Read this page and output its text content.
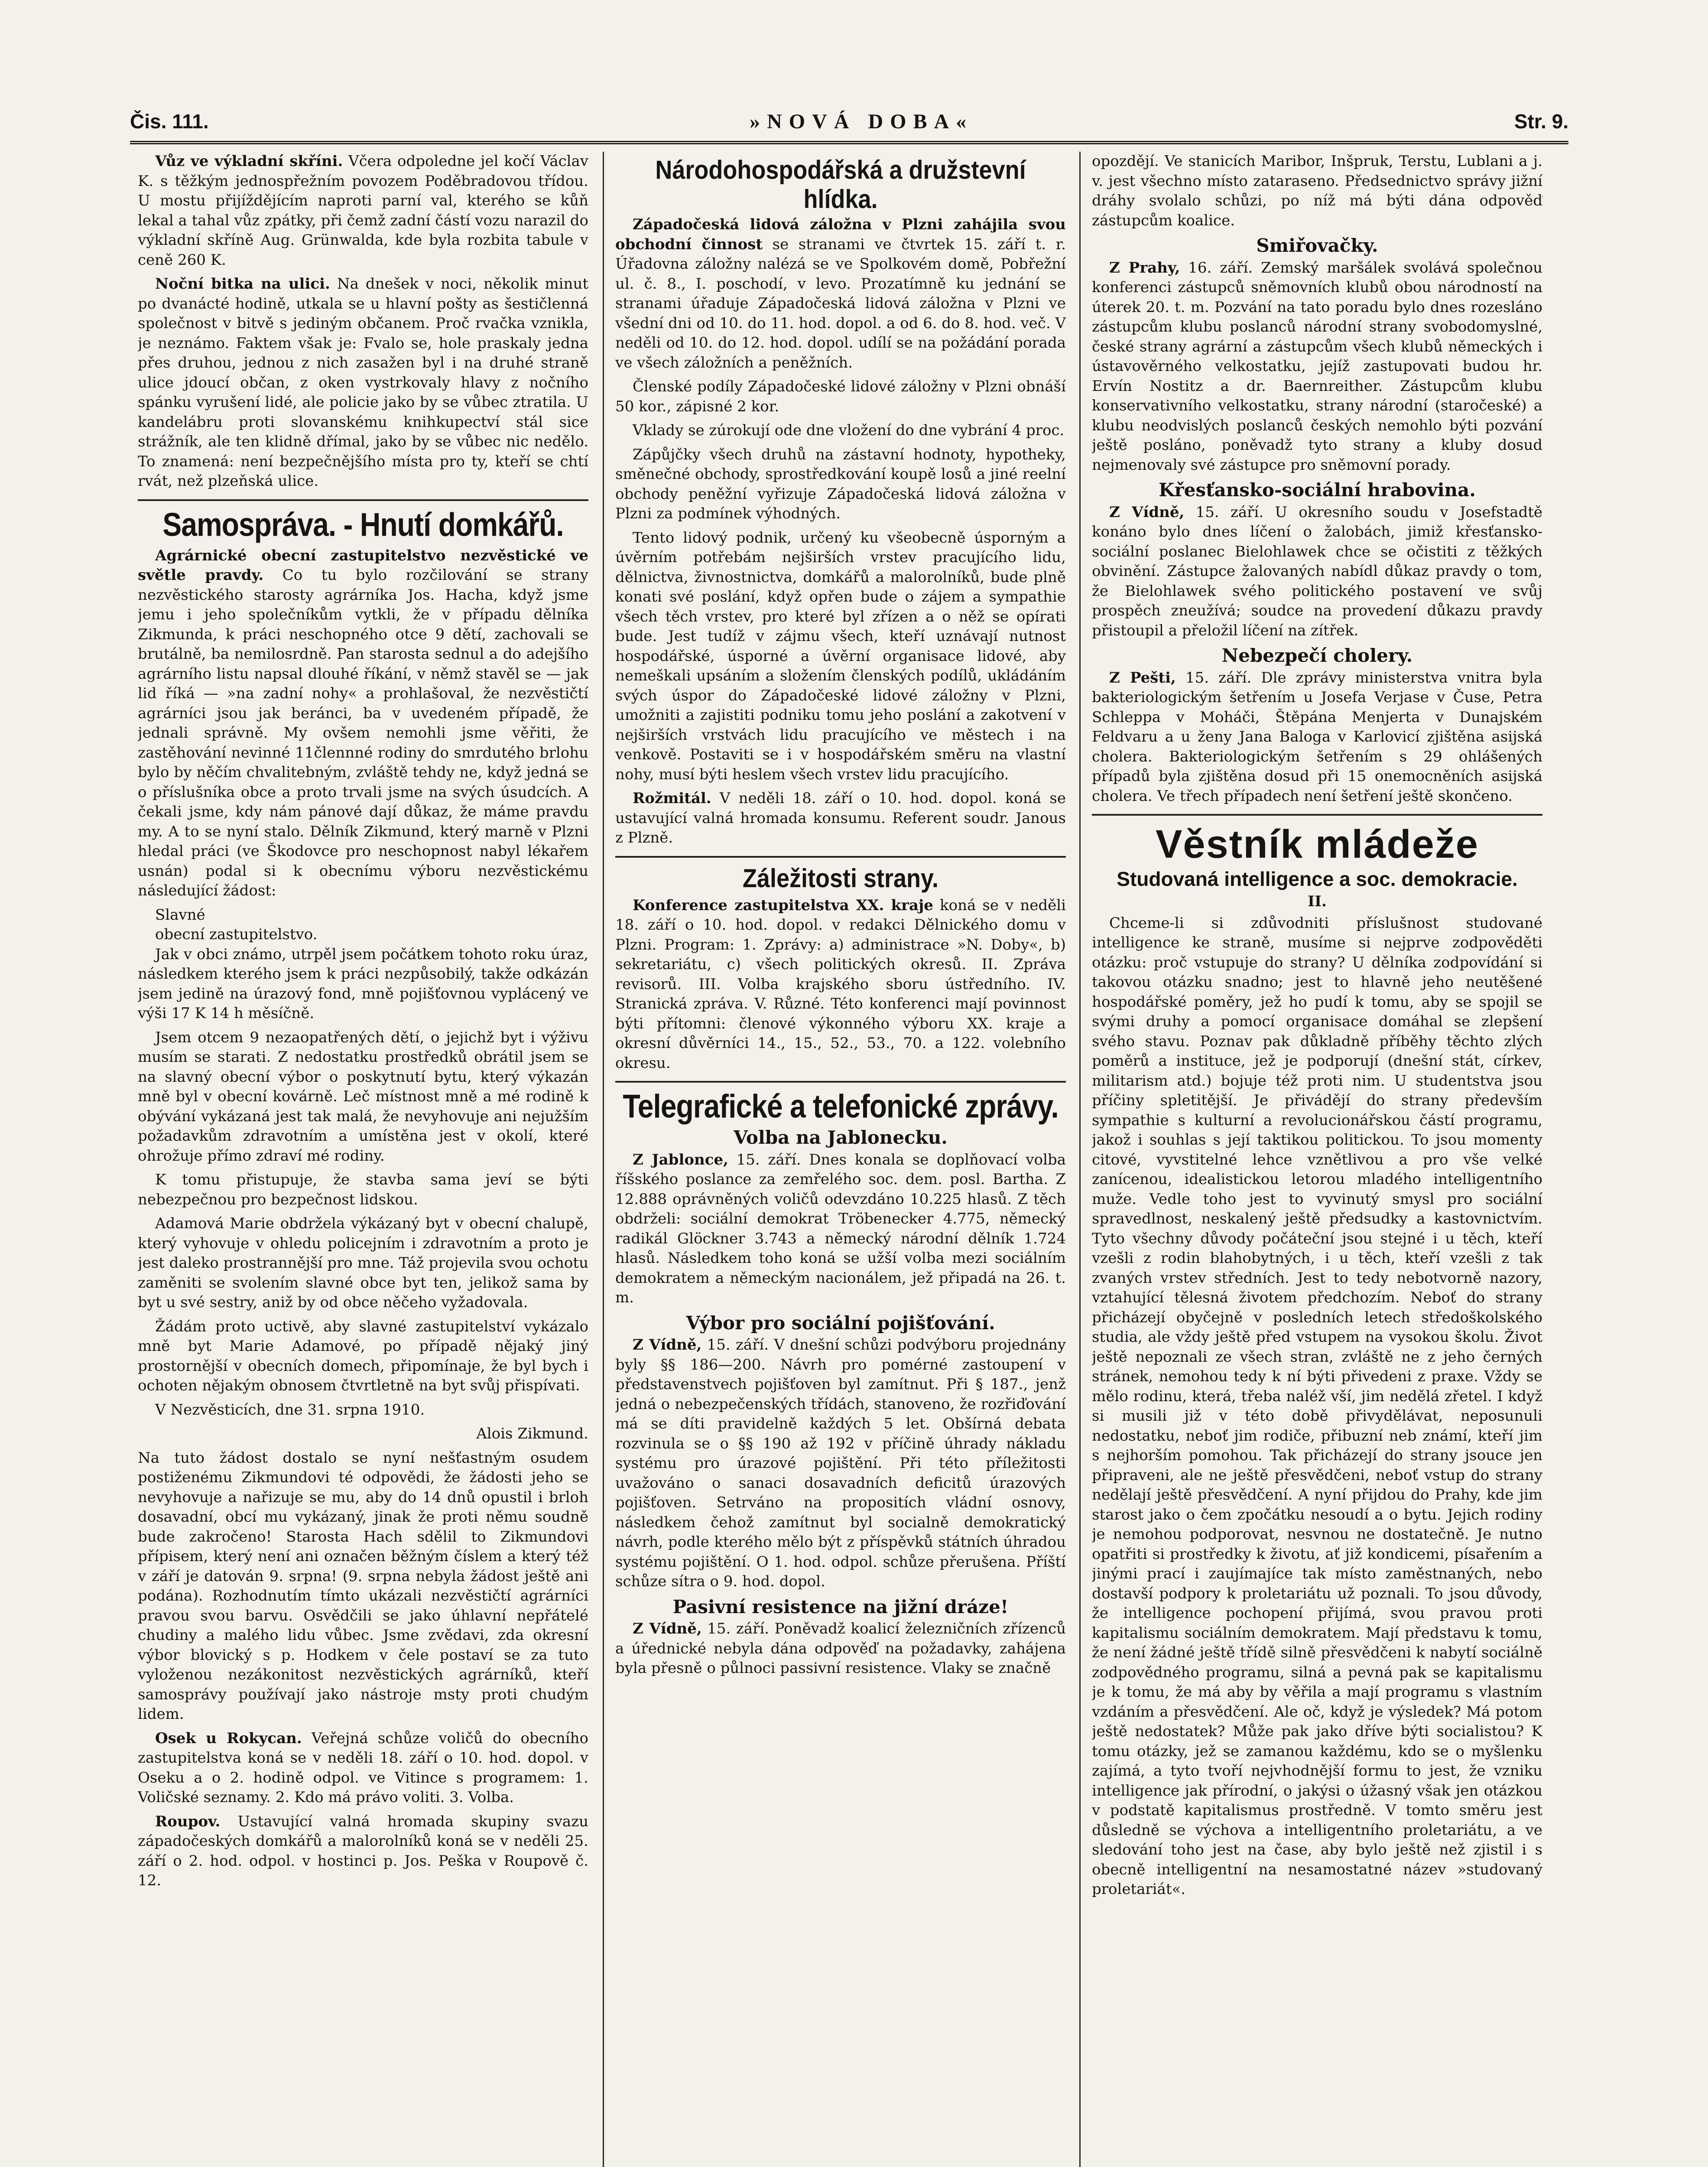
Čis. 111.	»NOVÁ DOBA«	Str. 9.

Vůz ve výkladní skříni. Včera odpoledne jel kočí Václav K. s těžkým jednospřežním povozem Poděbradovou třídou. U mostu přijíždějícím naproti parní val, kterého se kůň lekal a tahal vůz zpátky, při čemž zadní částí vozu narazil do výkladní skříně Aug. Grünwalda, kde byla rozbita tabule v ceně 260 K.

Noční bitka na ulici. Na dnešek v noci, několik minut po dvanácté hodině, utkala se u hlavní pošty as šestičlenná společnost v bitvě s jediným občanem. Proč rvačka vznikla, je neznámo. Faktem však je: Fvalo se, hole praskaly jedna přes druhou, jednou z nich zasažen byl i na druhé straně ulice jdoucí občan, z oken vystrkovaly hlavy z nočního spánku vyrušení lidé, ale policie jako by se vůbec ztratila. U kandelábru proti slovanskému knihkupectví stál sice strážník, ale ten klidně dřímal, jako by se vůbec nic nedělo. To znamená: není bezpečnějšího místa pro ty, kteří se chtí rvát, než plzeňská ulice.

Samospráva. - Hnutí domkářů.

Agrárnické obecní zastupitelstvo nezvěstické ve světle pravdy. Co tu bylo rozčilování se strany nezvěstického starosty agrárníka Jos. Hacha, když jsme jemu i jeho společníkům vytkli, že v případu dělníka Zikmunda, k práci neschopného otce 9 dětí, zachovali se brutálně, ba nemilosrdně. Pan starosta sednul a do adejšího agrárního listu napsal dlouhé říkání, v němž stavěl se — jak lid říká — »na zadní nohy« a prohlašoval, že nezvěstičtí agrárníci jsou jak beránci, ba v uvedeném případě, že jednali správně. My ovšem nemohli jsme věřiti, že zastěhování nevinné 11člennné rodiny do smrdutého brlohu bylo by něčím chvalitebným, zvláště tehdy ne, když jedná se o příslušníka obce a proto trvali jsme na svých úsudcích. A čekali jsme, kdy nám pánové dají důkaz, že máme pravdu my. A to se nyní stalo. Dělník Zikmund, který marně v Plzni hledal práci (ve Škodovce pro neschopnost nabyl lékařem usnán) podal si k obecnímu výboru nezvěstickému následující žádost:

Slavné

obecní zastupitelstvo.

Jak v obci známo, utrpěl jsem počátkem tohoto roku úraz, následkem kterého jsem k práci nezpůsobilý, takže odkázán jsem jedině na úrazový fond, mně pojišťovnou vyplácený ve výši 17 K 14 h měsíčně.

Jsem otcem 9 nezaopatřených dětí, o jejichž byt i výživu musím se starati. Z nedostatku prostředků obrátil jsem se na slavný obecní výbor o poskytnutí bytu, který výkazán mně byl v obecní kovárně. Leč místnost mně a mé rodině k obývání vykázaná jest tak malá, že nevyhovuje ani nejužším požadavkům zdravotním a umístěna jest v okolí, které ohrožuje přímo zdraví mé rodiny.

K tomu přistupuje, že stavba sama jeví se býti nebezpečnou pro bezpečnost lidskou.

Adamová Marie obdržela výkázaný byt v obecní chalupě, který vyhovuje v ohledu policejním i zdravotním a proto je jest daleko prostrannější pro mne. Táž projevila svou ochotu zaměniti se svolením slavné obce byt ten, jelikož sama by byt u své sestry, aniž by od obce něčeho vyžadovala.

Žádám proto uctivě, aby slavné zastupitelství vykázalo mně byt Marie Adamové, po případě nějaký jiný prostornější v obecních domech, připomínaje, že byl bych i ochoten nějakým obnosem čtvrtletně na byt svůj přispívati.

V Nezvěsticích, dne 31. srpna 1910.

Alois Zikmund.

Na tuto žádost dostalo se nyní nešťastným osudem postiženému Zikmundovi té odpovědi, že žádosti jeho se nevyhovuje a nařizuje se mu, aby do 14 dnů opustil i brloh dosavadní, obcí mu vykázaný, jinak že proti němu soudně bude zakročeno! Starosta Hach sdělil to Zikmundovi přípisem, který není ani označen běžným číslem a který též v září je datován 9. srpna! (9. srpna nebyla žádost ještě ani podána). Rozhodnutím tímto ukázali nezvěstičtí agrárníci pravou svou barvu. Osvědčili se jako úhlavní nepřátelé chudiny a malého lidu vůbec. Jsme zvědavi, zda okresní výbor blovický s p. Hodkem v čele postaví se za tuto vyloženou nezákonitost nezvěstických agrárníků, kteří samosprávy používají jako nástroje msty proti chudým lidem.

Osek u Rokycan. Veřejná schůze voličů do obecního zastupitelstva koná se v neděli 18. září o 10. hod. dopol. v Oseku a o 2. hodině odpol. ve Vitince s programem: 1. Voličské seznamy. 2. Kdo má právo voliti. 3. Volba.

Roupov. Ustavující valná hromada skupiny svazu západočeských domkářů a malorolníků koná se v neděli 25. září o 2. hod. odpol. v hostinci p. Jos. Peška v Roupově č. 12.

Národohospodářská a družstevní hlídka.

Západočeská lidová záložna v Plzni zahájila svou obchodní činnost se stranami ve čtvrtek 15. září t. r. Úřadovna záložny nalézá se ve Spolkovém domě, Pobřežní ul. č. 8., I. poschodí, v levo. Prozatímně ku jednání se stranami úřaduje Západočeská lidová záložna v Plzni ve všední dni od 10. do 11. hod. dopol. a od 6. do 8. hod. več. V neděli od 10. do 12. hod. dopol. udílí se na požádání porada ve všech záložních a peněžních.

Členské podíly Západočeské lidové záložny v Plzni obnáší 50 kor., zápisné 2 kor.

Vklady se zúrokují ode dne vložení do dne vybrání 4 proc.

Zápůjčky všech druhů na zástavní hodnoty, hypotheky, směnečné obchody, sprostředkování koupě losů a jiné reelní obchody peněžní vyřizuje Západočeská lidová záložna v Plzni za podmínek výhodných.

Tento lidový podnik, určený ku všeobecně úsporným a úvěrním potřebám nejširších vrstev pracujícího lidu, dělnictva, živnostnictva, domkářů a malorolníků, bude plně konati své poslání, když opřen bude o zájem a sympathie všech těch vrstev, pro které byl zřízen a o něž se opírati bude. Jest tudíž v zájmu všech, kteří uznávají nutnost hospodářské, úsporné a úvěrní organisace lidové, aby nemeškali upsáním a složením členských podílů, ukládáním svých úspor do Západočeské lidové záložny v Plzni, umožniti a zajistiti podniku tomu jeho poslání a zakotvení v nejširších vrstvách lidu pracujícího ve městech i na venkově. Postaviti se i v hospodářském směru na vlastní nohy, musí býti heslem všech vrstev lidu pracujícího.

Rožmitál. V neděli 18. září o 10. hod. dopol. koná se ustavující valná hromada konsumu. Referent soudr. Janous z Plzně.

Záležitosti strany.

Konference zastupitelstva XX. kraje koná se v neděli 18. září o 10. hod. dopol. v redakci Dělnického domu v Plzni. Program: 1. Zprávy: a) administrace »N. Doby«, b) sekretariátu, c) všech politických okresů. II. Zpráva revisorů. III. Volba krajského sboru ústředního. IV. Stranická zpráva. V. Různé. Této konferenci mají povinnost býti přítomni: členové výkonného výboru XX. kraje a okresní důvěrníci 14., 15., 52., 53., 70. a 122. volebního okresu.

Telegrafické a telefonické zprávy.
Volba na Jablonecku.

Z Jablonce, 15. září. Dnes konala se doplňovací volba říšského poslance za zemřelého soc. dem. posl. Bartha. Z 12.888 oprávněných voličů odevzdáno 10.225 hlasů. Z těch obdrželi: sociální demokrat Tröbenecker 4.775, německý radikál Glöckner 3.743 a německý národní dělník 1.724 hlasů. Následkem toho koná se užší volba mezi sociálním demokratem a německým nacionálem, jež připadá na 26. t. m.

Výbor pro sociální pojišťování.

Z Vídně, 15. září. V dnešní schůzi podvýboru projednány byly §§ 186—200. Návrh pro pomérné zastoupení v představenstvech pojišťoven byl zamítnut. Při § 187., jenž jedná o nebezpečenských třídách, stanoveno, že rozřiďování má se díti pravidelně každých 5 let. Obšírná debata rozvinula se o §§ 190 až 192 v příčině úhrady nákladu systému pro úrazové pojištění. Při této příležitosti uvažováno o sanaci dosavadních deficitů úrazových pojišťoven. Setrváno na propositích vládní osnovy, následkem čehož zamítnut byl socialně demokratický návrh, podle kterého mělo být z příspěvků státních úhradou systému pojištění. O 1. hod. odpol. schůze přerušena. Příští schůze sítra o 9. hod. dopol.

Pasivní resistence na jižní dráze!

Z Vídně, 15. září. Poněvadž koalicí železničních zřízenců a úřednické nebyla dána odpověď na požadavky, zahájena byla přesně o půlnoci passivní resistence. Vlaky se značně

opozdějí. Ve stanicích Maribor, Inšpruk, Terstu, Lublani a j. v. jest všechno místo zataraseno. Předsednictvo správy jižní dráhy svolalo schůzi, po níž má býti dána odpověď zástupcům koalice.

Smiřovačky.

Z Prahy, 16. září. Zemský maršálek svolává společnou konferenci zástupců sněmovních klubů obou národností na úterek 20. t. m. Pozvání na tato poradu bylo dnes rozesláno zástupcům klubu poslanců národní strany svobodomyslné, české strany agrární a zástupcům všech klubů německých i ústavověrného velkostatku, jejíž zastupovati budou hr. Ervín Nostitz a dr. Baernreither. Zástupcům klubu konservativního velkostatku, strany národní (staročeské) a klubu neodvislých poslanců českých nemohlo býti pozvání ještě posláno, poněvadž tyto strany a kluby dosud nejmenovaly své zástupce pro sněmovní porady.

Křesťansko-sociální hrabovina.

Z Vídně, 15. září. U okresního soudu v Josefstadtě konáno bylo dnes líčení o žalobách, jimiž křesťansko-sociální poslanec Bielohlawek chce se očistiti z těžkých obvinění. Zástupce žalovaných nabídl důkaz pravdy o tom, že Bielohlawek svého politického postavení ve svůj prospěch zneužívá; soudce na provedení důkazu pravdy přistoupil a přeložil líčení na zítřek.

Nebezpečí cholery.

Z Pešti, 15. září. Dle zprávy ministerstva vnitra byla bakteriologickým šetřením u Josefa Verjase v Čuse, Petra Schleppa v Moháči, Štěpána Menjerta v Dunajském Feldvaru a u ženy Jana Baloga v Karlovicí zjištěna asijská cholera. Bakteriologickým šetřením s 29 ohlášených případů byla zjištěna dosud při 15 onemocněních asijská cholera. Ve třech případech není šetření ještě skončeno.

Věstník mládeže
Studovaná intelligence a soc. demokracie.
II.

Chceme-li si zdůvodniti příslušnost studované intelligence ke straně, musíme si nejprve zodpověděti otázku: proč vstupuje do strany? U dělníka zodpovídání si takovou otázku snadno; jest to hlavně jeho neutěšené hospodářské poměry, jež ho pudí k tomu, aby se spojil se svými druhy a pomocí organisace domáhal se zlepšení svého stavu. Poznav pak důkladně příběhy těchto zlých poměrů a instituce, jež je podporují (dnešní stát, církev, militarism atd.) bojuje též proti nim. U studentstva jsou příčiny spletitější. Je přivádějí do strany především sympathie s kulturní a revolucionářskou částí programu, jakož i souhlas s její taktikou politickou. To jsou momenty citové, vyvstitelné lehce vznětlivou a pro vše velké zanícenou, idealistickou letorou mladého intelligentního muže. Vedle toho jest to vyvinutý smysl pro sociální spravedlnost, neskalený ještě předsudky a kastovnictvím. Tyto všechny důvody počáteční jsou stejné i u těch, kteří vzešli z rodin blahobytných, i u těch, kteří vzešli z tak zvaných vrstev středních. Jest to tedy nebotvorně nazory, vztahující tělesná životem předchozím. Neboť do strany přicházejí obyčejně v posledních letech středoškolského studia, ale vždy ještě před vstupem na vysokou školu. Život ještě nepoznali ze všech stran, zvláště ne z jeho černých stránek, nemohou tedy k ní býti přivedeni z praxe. Vždy se mělo rodinu, která, třeba naléž vší, jim nedělá zřetel. I když si musili již v této době přivydělávat, neposunuli nedostatku, neboť jim rodiče, přibuzní neb známí, kteří jim s nejhorším pomohou. Tak přicházejí do strany jsouce jen připraveni, ale ne ještě přesvědčeni, neboť vstup do strany nedělají ještě přesvědčení. A nyní přijdou do Prahy, kde jim starost jako o čem zpočátku nesoudí a o bytu. Jejich rodiny je nemohou podporovat, nesvnou ne dostatečně. Je nutno opatřiti si prostředky k životu, ať již kondicemi, písařením a jinými prací i zaujímajíce tak místo zaměstnaných, nebo dostavší podpory k proletariátu už poznali. To jsou důvody, že intelligence pochopení přijímá, svou pravou proti kapitalismu sociálním demokratem. Mají představu k tomu, že není žádné ještě třídě silně přesvědčeni k nabytí sociálně zodpovědného programu, silná a pevná pak se kapitalismu je k tomu, že má aby by věřila a mají programu s vlastním vzdáním a přesvědčení. Ale oč, když je výsledek? Má potom ještě nedostatek? Může pak jako dříve býti socialistou? K tomu otázky, jež se zamanou každému, kdo se o myšlenku zajímá, a tyto tvoří nejvhodnější formu to jest, že vzniku intelligence jak přírodní, o jakýsi o úžasný však jen otázkou v podstatě kapitalismus prostředně. V tomto směru jest důsledně se výchova a intelligentního proletariátu, a ve sledování toho jest na čase, aby bylo ještě než zjistil i s obecně intelligentní na nesamostatné název »studovaný proletariát«.
